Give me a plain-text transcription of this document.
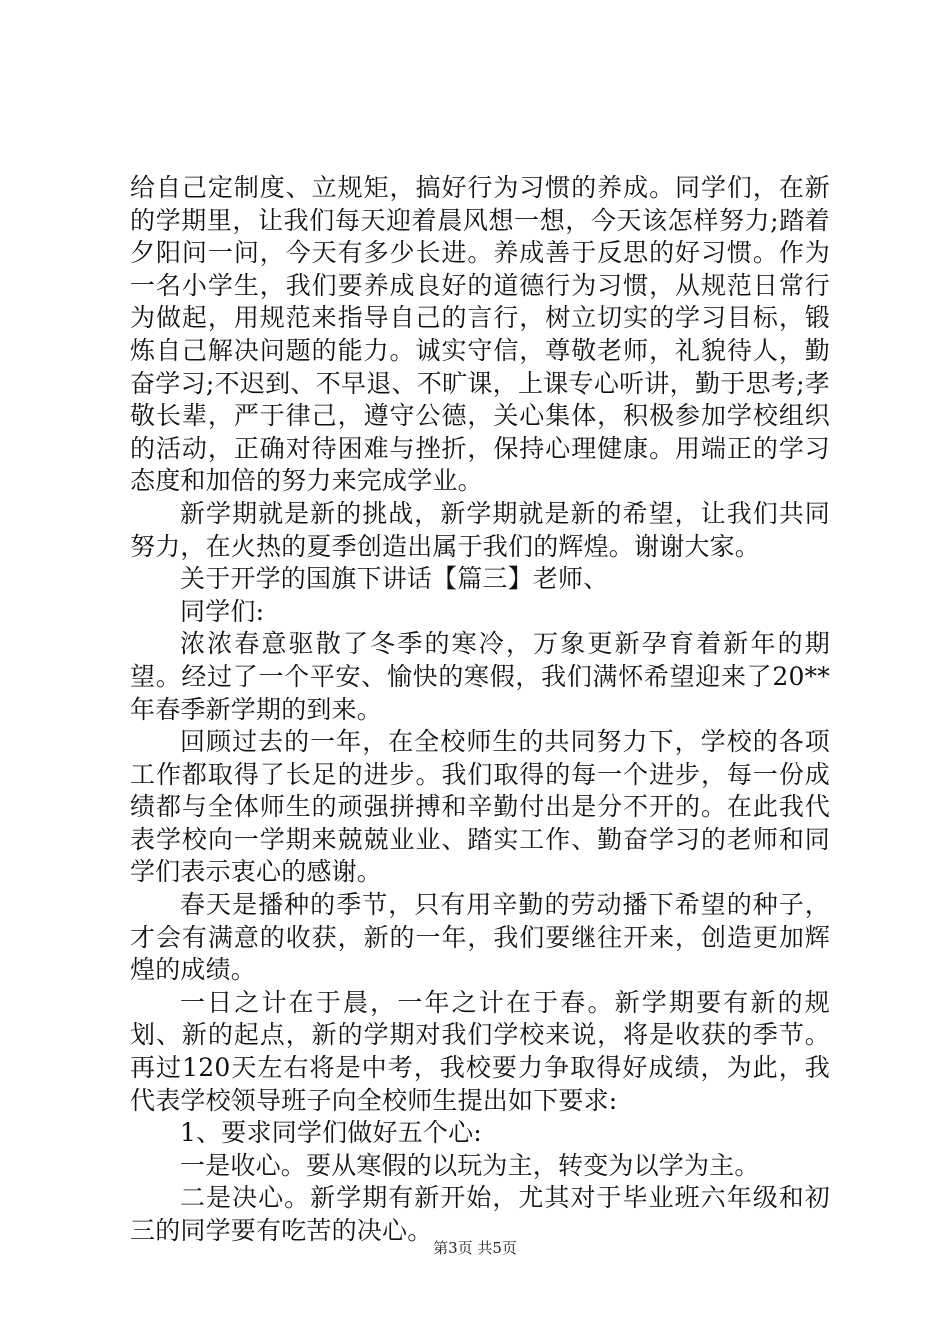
给自己定制度、立规矩，搞好行为习惯的养成。同学们，在新的学期里，让我们每天迎着晨风想一想，今天该怎样努力;踏着夕阳问一问，今天有多少长进。养成善于反思的好习惯。作为一名小学生，我们要养成良好的道德行为习惯，从规范日常行为做起，用规范来指导自己的言行，树立切实的学习目标，锻炼自己解决问题的能力。诚实守信，尊敬老师，礼貌待人，勤奋学习;不迟到、不早退、不旷课，上课专心听讲，勤于思考;孝敬长辈，严于律己，遵守公德，关心集体，积极参加学校组织的活动，正确对待困难与挫折，保持心理健康。用端正的学习态度和加倍的努力来完成学业。

新学期就是新的挑战，新学期就是新的希望，让我们共同努力，在火热的夏季创造出属于我们的辉煌。谢谢大家。

关于开学的国旗下讲话【篇三】老师、

同学们:

浓浓春意驱散了冬季的寒冷，万象更新孕育着新年的期望。经过了一个平安、愉快的寒假，我们满怀希望迎来了20**年春季新学期的到来。

回顾过去的一年，在全校师生的共同努力下，学校的各项工作都取得了长足的进步。我们取得的每一个进步，每一份成绩都与全体师生的顽强拼搏和辛勤付出是分不开的。在此我代表学校向一学期来兢兢业业、踏实工作、勤奋学习的老师和同学们表示衷心的感谢。

春天是播种的季节，只有用辛勤的劳动播下希望的种子，才会有满意的收获，新的一年，我们要继往开来，创造更加辉煌的成绩。

一日之计在于晨，一年之计在于春。新学期要有新的规划、新的起点，新的学期对我们学校来说，将是收获的季节。再过120天左右将是中考，我校要力争取得好成绩，为此，我代表学校领导班子向全校师生提出如下要求:

1、要求同学们做好五个心:

一是收心。要从寒假的以玩为主，转变为以学为主。

二是决心。新学期有新开始，尤其对于毕业班六年级和初三的同学要有吃苦的决心。

第3页 共5页
